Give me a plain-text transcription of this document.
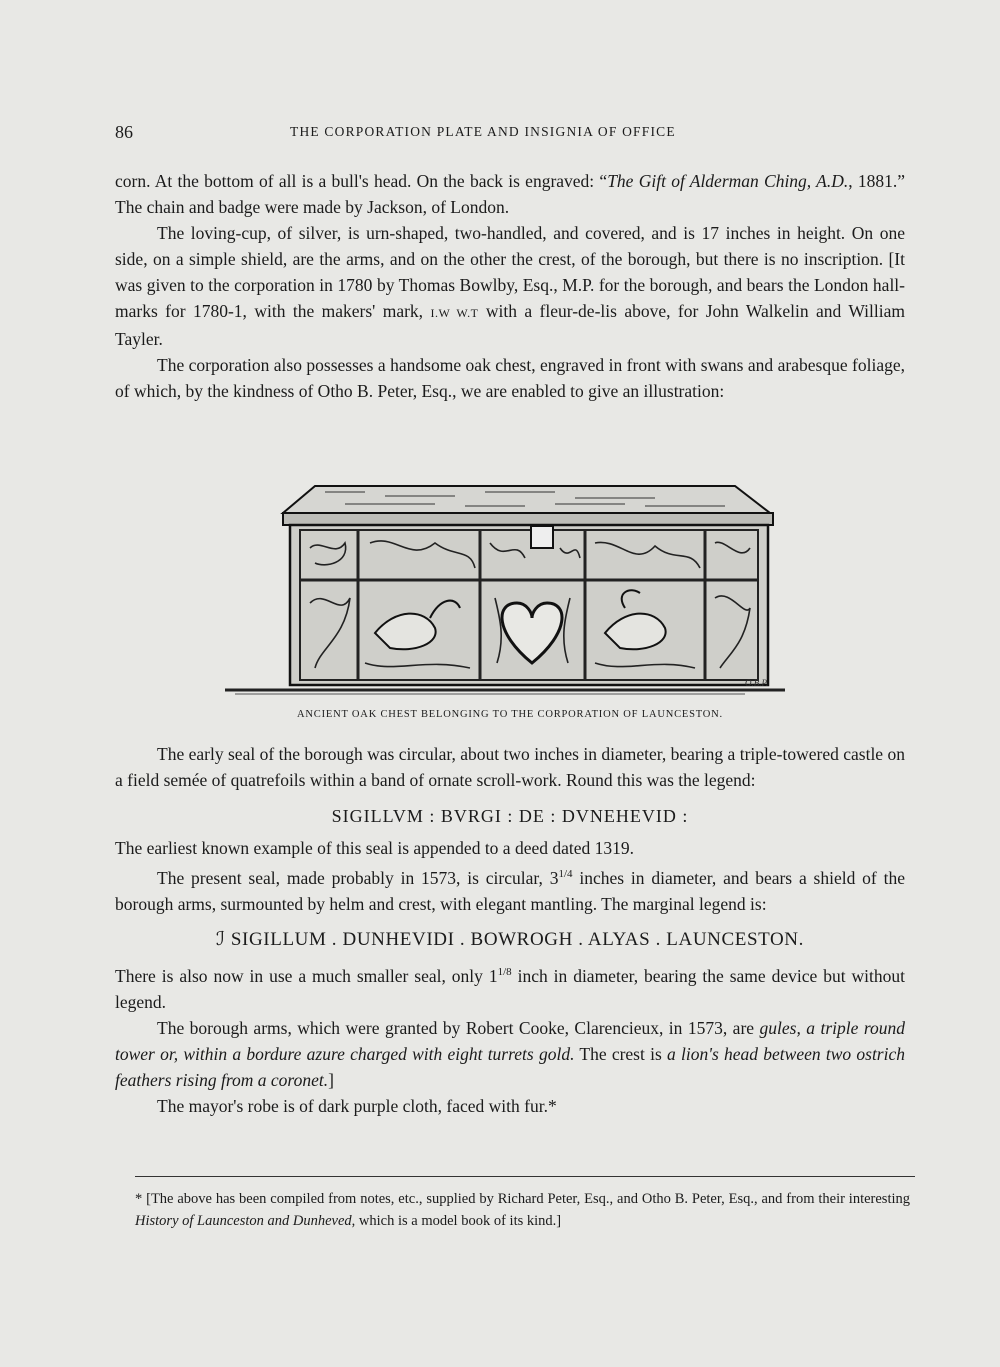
86	THE CORPORATION PLATE AND INSIGNIA OF OFFICE

corn. At the bottom of all is a bull's head. On the back is engraved: “The Gift of Alderman Ching, A.D., 1881.” The chain and badge were made by Jackson, of London.

The loving-cup, of silver, is urn-shaped, two-handled, and covered, and is 17 inches in height. On one side, on a simple shield, are the arms, and on the other the crest, of the borough, but there is no inscription. [It was given to the corporation in 1780 by Thomas Bowlby, Esq., M.P. for the borough, and bears the London hall-marks for 1780-1, with the makers' mark, I.W W.T with a fleur-de-lis above, for John Walkelin and William Tayler.

The corporation also possesses a handsome oak chest, engraved in front with swans and arabesque foliage, of which, by the kindness of Otho B. Peter, Esq., we are enabled to give an illustration:

O.B.P.
ANCIENT OAK CHEST BELONGING TO THE CORPORATION OF LAUNCESTON.

The early seal of the borough was circular, about two inches in diameter, bearing a triple-towered castle on a field semée of quatrefoils within a band of ornate scroll-work. Round this was the legend:

SIGILLVM : BVRGI : DE : DVNEHEVID :

The earliest known example of this seal is appended to a deed dated 1319.

The present seal, made probably in 1573, is circular, $3^{1/4}$ inches in diameter, and bears a shield of the borough arms, surmounted by helm and crest, with elegant mantling. The marginal legend is:

ℐ SIGILLUM . DUNHEVIDI . BOWROGH . ALYAS . LAUNCESTON.

There is also now in use a much smaller seal, only $1^{1/8}$ inch in diameter, bearing the same device but without legend.

The borough arms, which were granted by Robert Cooke, Clarencieux, in 1573, are gules, a triple round tower or, within a bordure azure charged with eight turrets gold. The crest is a lion's head between two ostrich feathers rising from a coronet.]

The mayor's robe is of dark purple cloth, faced with fur.*

* [The above has been compiled from notes, etc., supplied by Richard Peter, Esq., and Otho B. Peter, Esq., and from their interesting History of Launceston and Dunheved, which is a model book of its kind.]
